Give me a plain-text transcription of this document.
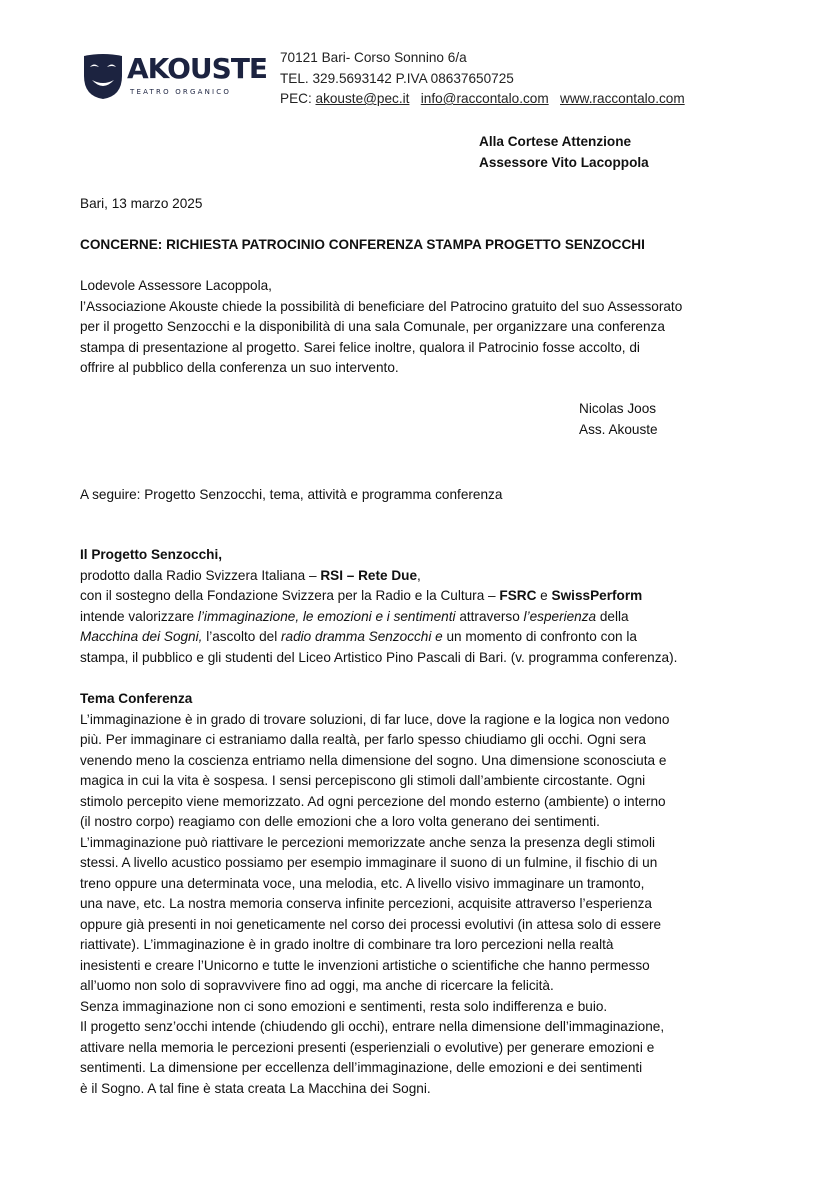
AKOUSTE
TEATRO ORGANICO
70121 Bari- Corso Sonnino 6/a
TEL. 329.5693142 P.IVA 08637650725
PEC: akouste@pec.it info@raccontalo.com www.raccontalo.com
Alla Cortese Attenzione
Assessore Vito Lacoppola
Bari, 13 marzo 2025
CONCERNE: RICHIESTA PATROCINIO CONFERENZA STAMPA PROGETTO SENZOCCHI
Lodevole Assessore Lacoppola,
l’Associazione Akouste chiede la possibilità di beneficiare del Patrocino gratuito del suo Assessorato
per il progetto Senzocchi e la disponibilità di una sala Comunale, per organizzare una conferenza
stampa di presentazione al progetto. Sarei felice inoltre, qualora il Patrocinio fosse accolto, di
offrire al pubblico della conferenza un suo intervento.
Nicolas Joos
Ass. Akouste
A seguire: Progetto Senzocchi, tema, attività e programma conferenza
Il Progetto Senzocchi,
prodotto dalla Radio Svizzera Italiana – RSI – Rete Due,
con il sostegno della Fondazione Svizzera per la Radio e la Cultura – FSRC e SwissPerform
intende valorizzare l’immaginazione, le emozioni e i sentimenti attraverso l’esperienza della
Macchina dei Sogni, l’ascolto del radio dramma Senzocchi e un momento di confronto con la
stampa, il pubblico e gli studenti del Liceo Artistico Pino Pascali di Bari. (v. programma conferenza).
Tema Conferenza
L’immaginazione è in grado di trovare soluzioni, di far luce, dove la ragione e la logica non vedono
più. Per immaginare ci estraniamo dalla realtà, per farlo spesso chiudiamo gli occhi. Ogni sera
venendo meno la coscienza entriamo nella dimensione del sogno. Una dimensione sconosciuta e
magica in cui la vita è sospesa. I sensi percepiscono gli stimoli dall’ambiente circostante. Ogni
stimolo percepito viene memorizzato. Ad ogni percezione del mondo esterno (ambiente) o interno
(il nostro corpo) reagiamo con delle emozioni che a loro volta generano dei sentimenti.
L’immaginazione può riattivare le percezioni memorizzate anche senza la presenza degli stimoli
stessi. A livello acustico possiamo per esempio immaginare il suono di un fulmine, il fischio di un
treno oppure una determinata voce, una melodia, etc. A livello visivo immaginare un tramonto,
una nave, etc. La nostra memoria conserva infinite percezioni, acquisite attraverso l’esperienza
oppure già presenti in noi geneticamente nel corso dei processi evolutivi (in attesa solo di essere
riattivate). L’immaginazione è in grado inoltre di combinare tra loro percezioni nella realtà
inesistenti e creare l’Unicorno e tutte le invenzioni artistiche o scientifiche che hanno permesso
all’uomo non solo di sopravvivere fino ad oggi, ma anche di ricercare la felicità.
Senza immaginazione non ci sono emozioni e sentimenti, resta solo indifferenza e buio.
Il progetto senz’occhi intende (chiudendo gli occhi), entrare nella dimensione dell’immaginazione,
attivare nella memoria le percezioni presenti (esperienziali o evolutive) per generare emozioni e
sentimenti. La dimensione per eccellenza dell’immaginazione, delle emozioni e dei sentimenti
è il Sogno. A tal fine è stata creata La Macchina dei Sogni.
